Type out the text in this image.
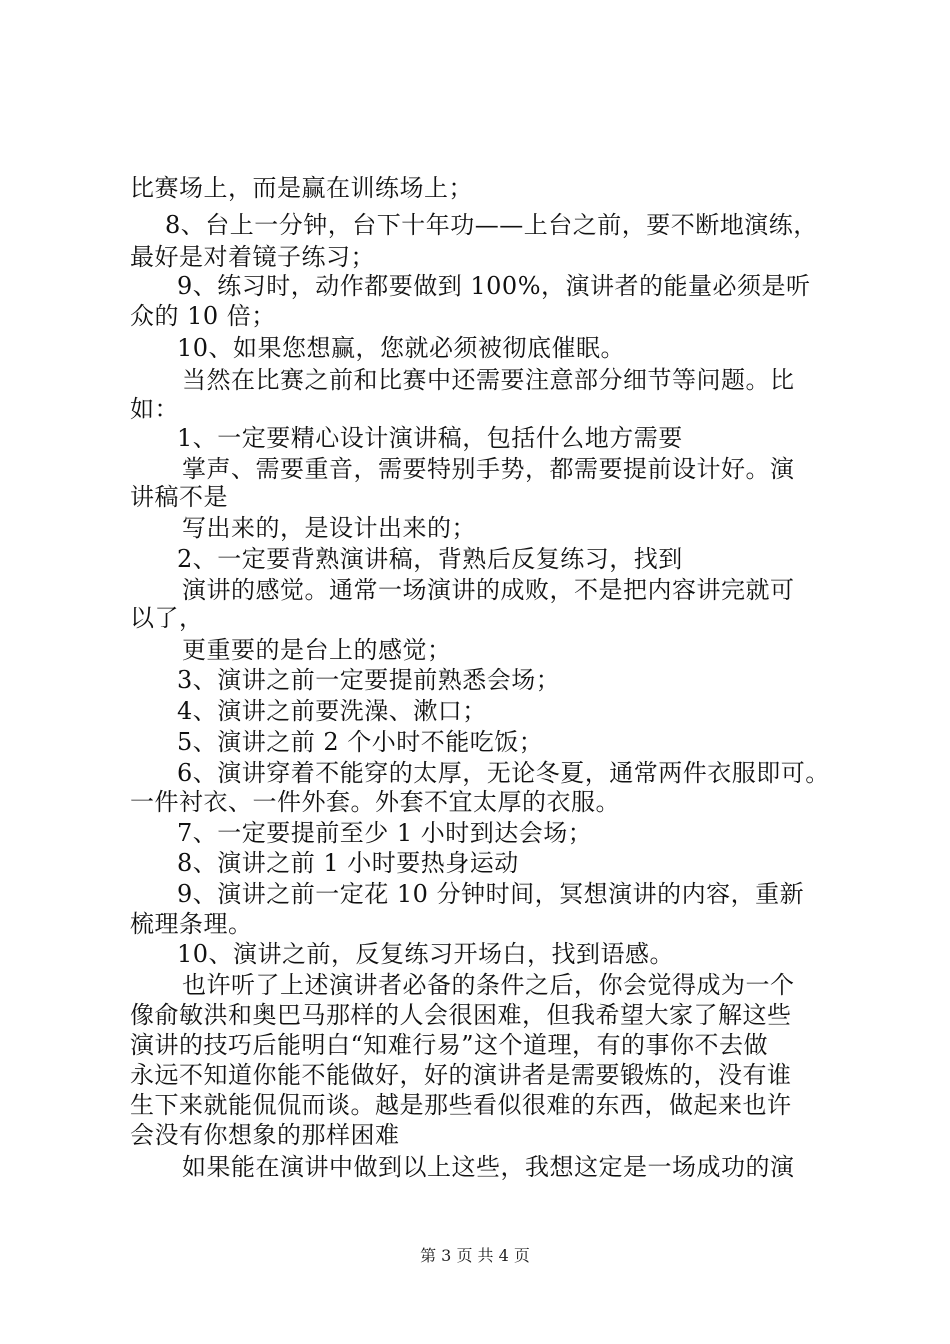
比赛场上，而是赢在训练场上；

8、台上一分钟，台下十年功——上台之前，要不断地演练，

最好是对着镜子练习；

9、练习时，动作都要做到 100%，演讲者的能量必须是听

众的 10 倍；

10、如果您想赢，您就必须被彻底催眠。

当然在比赛之前和比赛中还需要注意部分细节等问题。比

如：

1、一定要精心设计演讲稿，包括什么地方需要

掌声、需要重音，需要特别手势，都需要提前设计好。演

讲稿不是

写出来的，是设计出来的；

2、一定要背熟演讲稿，背熟后反复练习，找到

演讲的感觉。通常一场演讲的成败，不是把内容讲完就可

以了，

更重要的是台上的感觉；

3、演讲之前一定要提前熟悉会场；

4、演讲之前要洗澡、漱口；

5、演讲之前 2 个小时不能吃饭；

6、演讲穿着不能穿的太厚，无论冬夏，通常两件衣服即可。

一件衬衣、一件外套。外套不宜太厚的衣服。

7、一定要提前至少 1 小时到达会场；

8、演讲之前 1 小时要热身运动

9、演讲之前一定花 10 分钟时间，冥想演讲的内容，重新

梳理条理。

10、演讲之前，反复练习开场白，找到语感。

也许听了上述演讲者必备的条件之后，你会觉得成为一个

像俞敏洪和奥巴马那样的人会很困难，但我希望大家了解这些

演讲的技巧后能明白“知难行易”这个道理，有的事你不去做

永远不知道你能不能做好，好的演讲者是需要锻炼的，没有谁

生下来就能侃侃而谈。越是那些看似很难的东西，做起来也许

会没有你想象的那样困难

如果能在演讲中做到以上这些，我想这定是一场成功的演

第 3 页 共 4 页
